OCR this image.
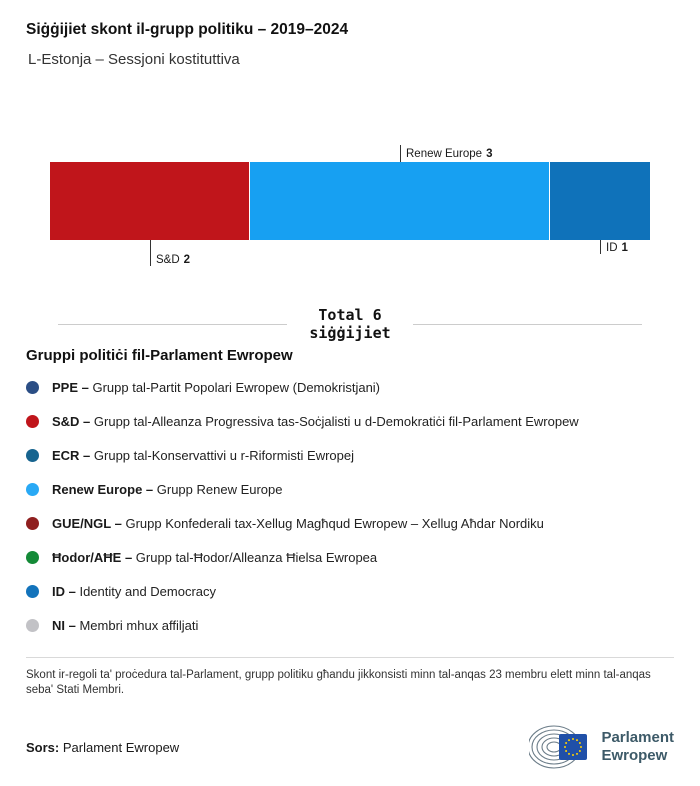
Siġġijiet skont il-grupp politiku – 2019–2024
L-Estonja – Sessjoni kostituttiva
S&D 2
Renew Europe 3
ID 1
Total 6
siġġijiet
Gruppi politiċi fil-Parlament Ewropew
PPE – Grupp tal-Partit Popolari Ewropew (Demokristjani)
S&D – Grupp tal-Alleanza Progressiva tas-Soċjalisti u d-Demokratiċi fil-Parlament Ewropew
ECR – Grupp tal-Konservattivi u r-Riformisti Ewropej
Renew Europe – Grupp Renew Europe
GUE/NGL – Grupp Konfederali tax-Xellug Magħqud Ewropew – Xellug Aħdar Nordiku
Ħodor/AĦE – Grupp tal-Ħodor/Alleanza Ħielsa Ewropea
ID – Identity and Democracy
NI – Membri mhux affiljati
Skont ir-regoli ta' proċedura tal-Parlament, grupp politiku għandu jikkonsisti minn tal-anqas 23 membru elett minn tal-anqas seba' Stati Membri.
Sors: Parlament Ewropew
Parlament
Ewropew
